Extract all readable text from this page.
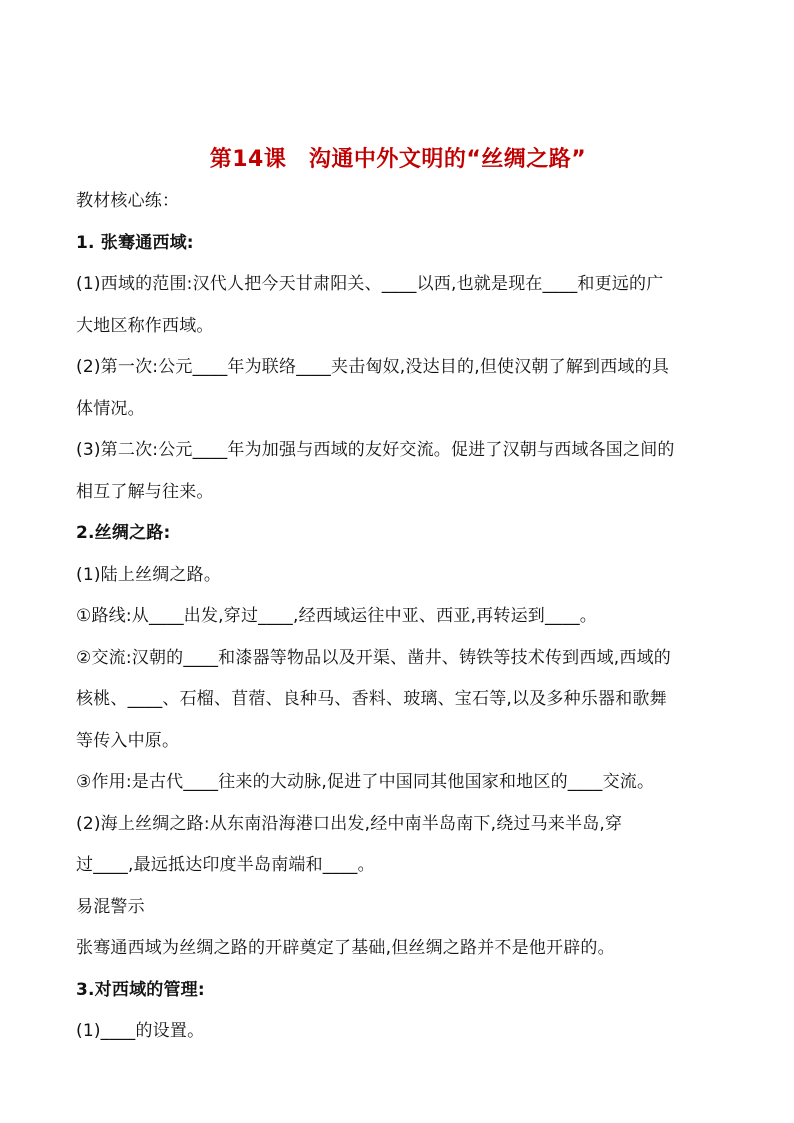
第14课　沟通中外文明的“丝绸之路”
教材核心练：
1. 张骞通西域:
(1)西域的范围:汉代人把今天甘肃阳关、____以西,也就是现在____和更远的广
大地区称作西域。
(2)第一次:公元____年为联络____夹击匈奴,没达目的,但使汉朝了解到西域的具
体情况。
(3)第二次:公元____年为加强与西域的友好交流。促进了汉朝与西域各国之间的
相互了解与往来。
2.丝绸之路:
(1)陆上丝绸之路。
①路线:从____出发,穿过____,经西域运往中亚、西亚,再转运到____。
②交流:汉朝的____和漆器等物品以及开渠、凿井、铸铁等技术传到西域,西域的
核桃、____、石榴、苜蓿、良种马、香料、玻璃、宝石等,以及多种乐器和歌舞
等传入中原。
③作用:是古代____往来的大动脉,促进了中国同其他国家和地区的____交流。
(2)海上丝绸之路:从东南沿海港口出发,经中南半岛南下,绕过马来半岛,穿
过____,最远抵达印度半岛南端和____。
易混警示
张骞通西域为丝绸之路的开辟奠定了基础,但丝绸之路并不是他开辟的。
3.对西域的管理:
(1)____的设置。
